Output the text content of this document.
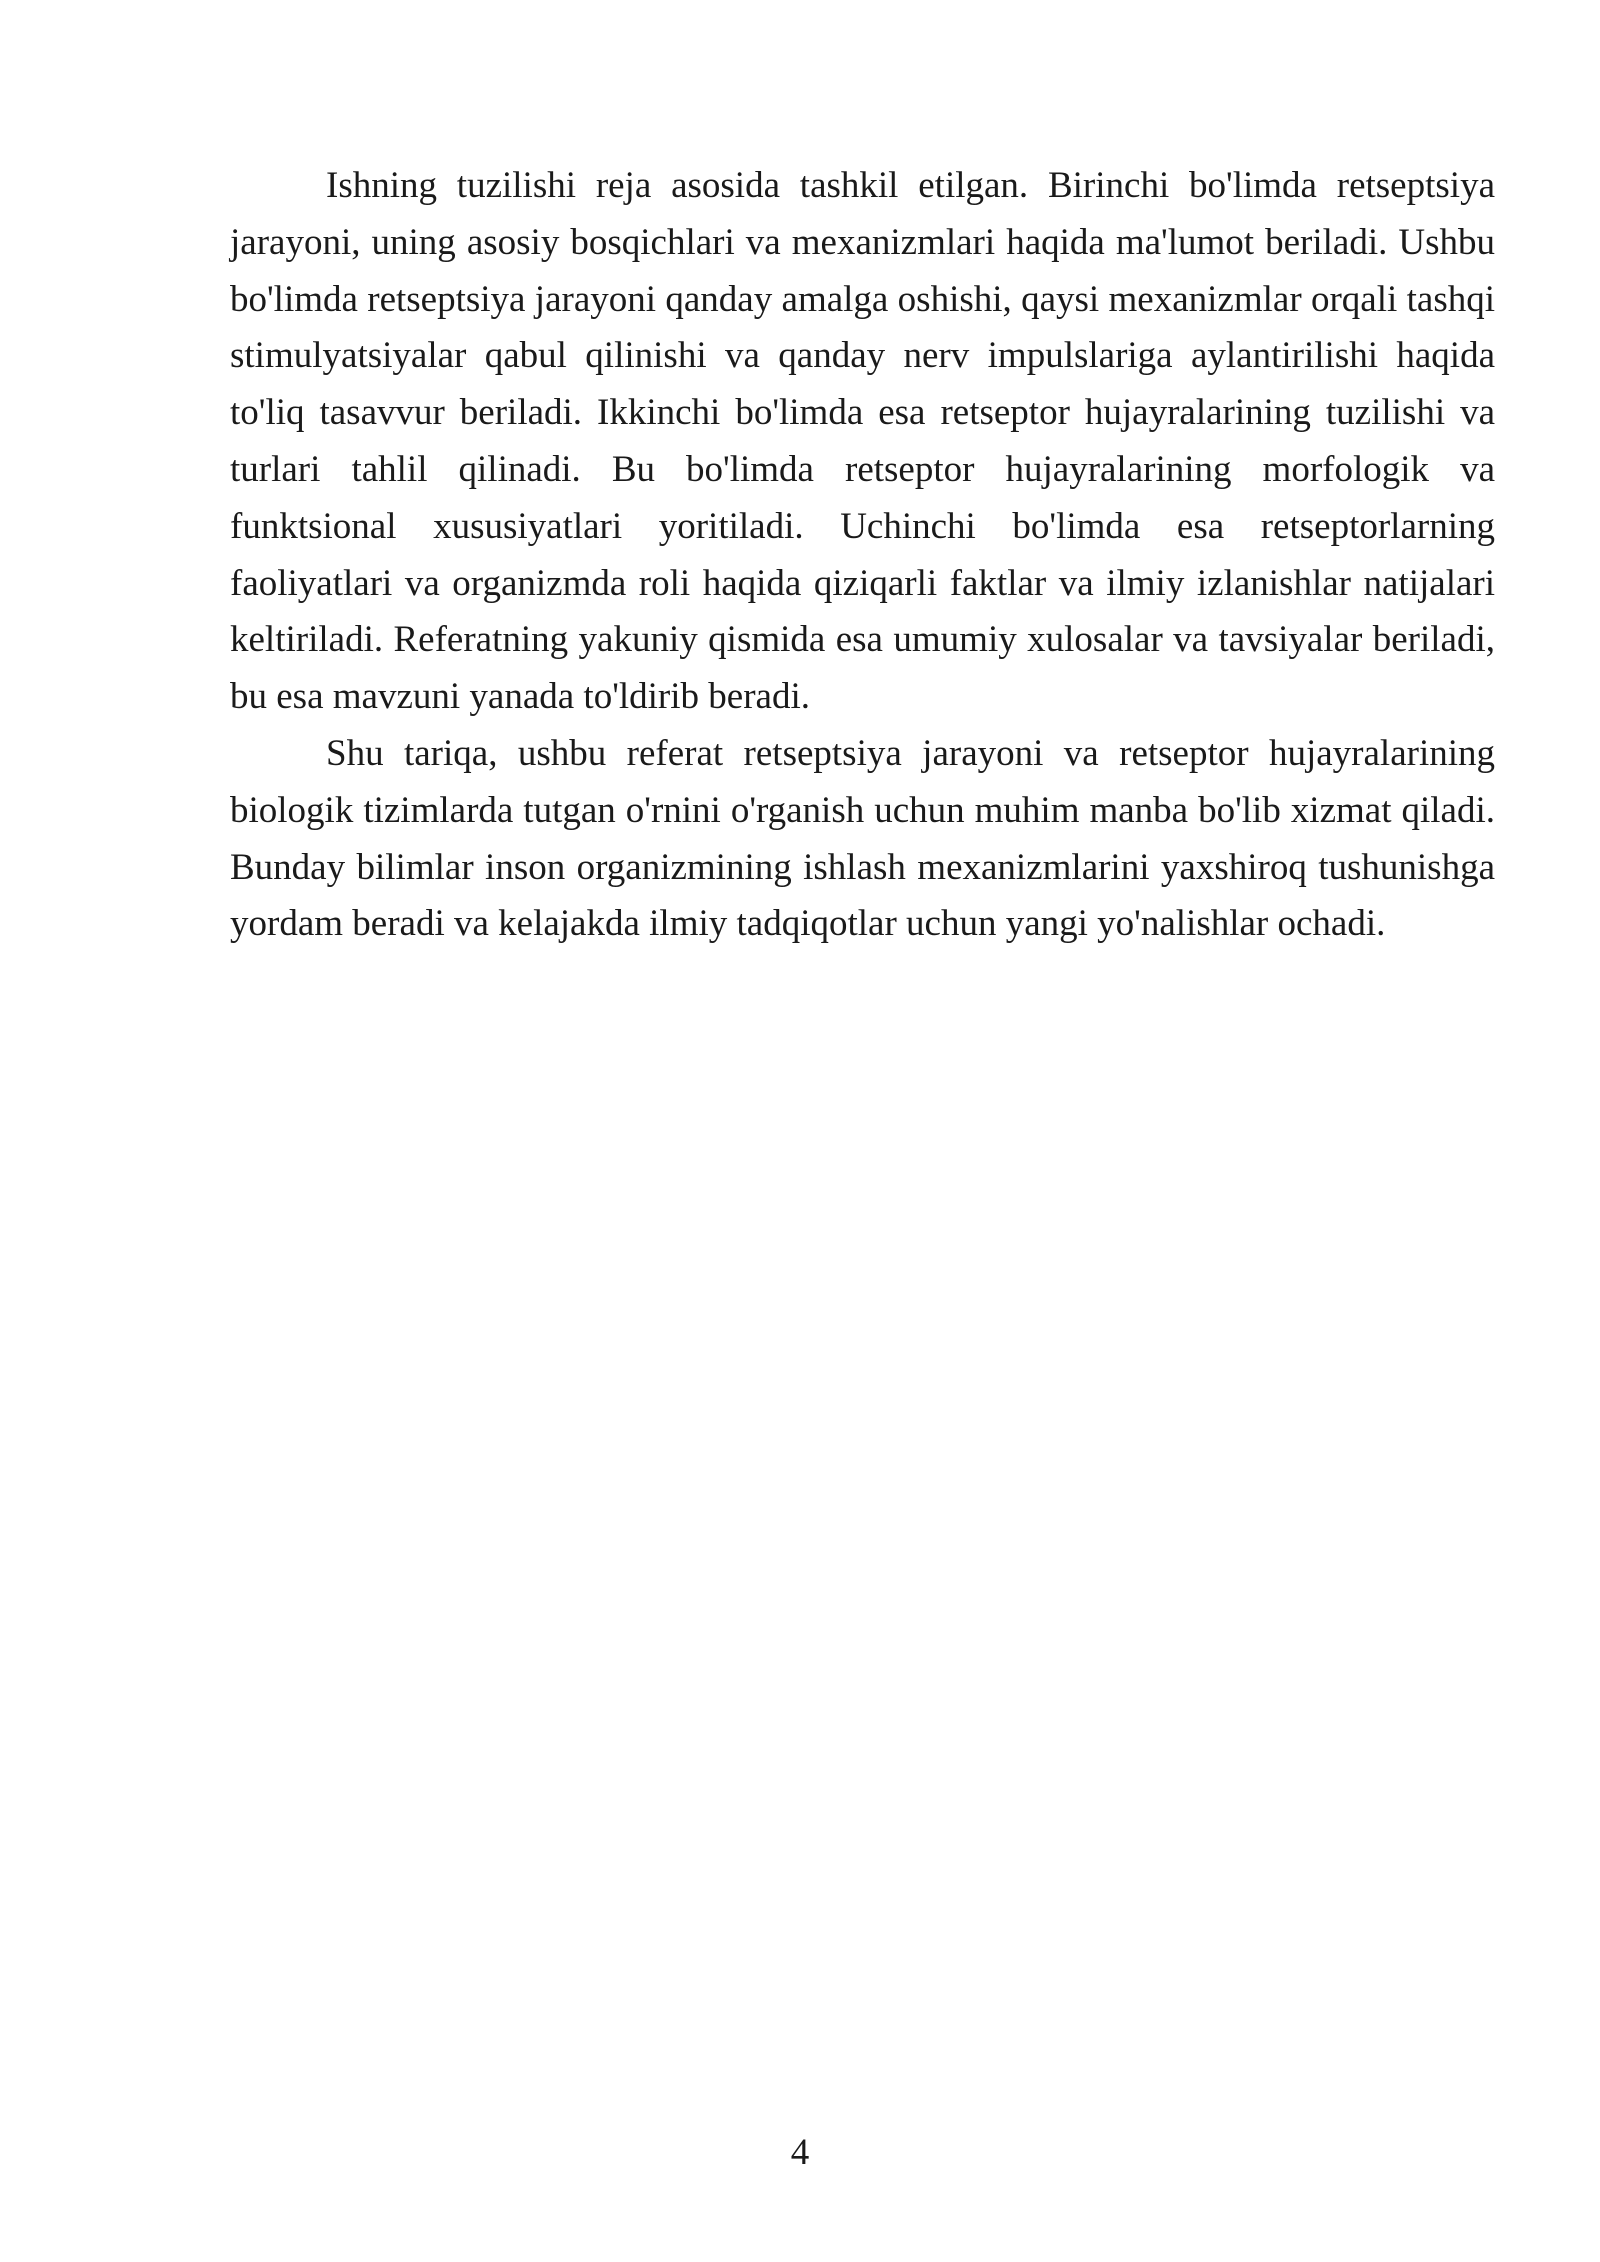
Ishning tuzilishi reja asosida tashkil etilgan. Birinchi bo'limda retseptsiya jarayoni, uning asosiy bosqichlari va mexanizmlari haqida ma'lumot beriladi. Ushbu bo'limda retseptsiya jarayoni qanday amalga oshishi, qaysi mexanizmlar orqali tashqi stimulyatsiyalar qabul qilinishi va qanday nerv impulslariga aylantirilishi haqida to'liq tasavvur beriladi. Ikkinchi bo'limda esa retseptor hujayralarining tuzilishi va turlari tahlil qilinadi. Bu bo'limda retseptor hujayralarining morfologik va funktsional xususiyatlari yoritiladi. Uchinchi bo'limda esa retseptorlarning faoliyatlari va organizmda roli haqida qiziqarli faktlar va ilmiy izlanishlar natijalari keltiriladi. Referatning yakuniy qismida esa umumiy xulosalar va tavsiyalar beriladi, bu esa mavzuni yanada to'ldirib beradi.

Shu tariqa, ushbu referat retseptsiya jarayoni va retseptor hujayralarining biologik tizimlarda tutgan o'rnini o'rganish uchun muhim manba bo'lib xizmat qiladi. Bunday bilimlar inson organizmining ishlash mexanizmlarini yaxshiroq tushunishga yordam beradi va kelajakda ilmiy tadqiqotlar uchun yangi yo'nalishlar ochadi.

4
